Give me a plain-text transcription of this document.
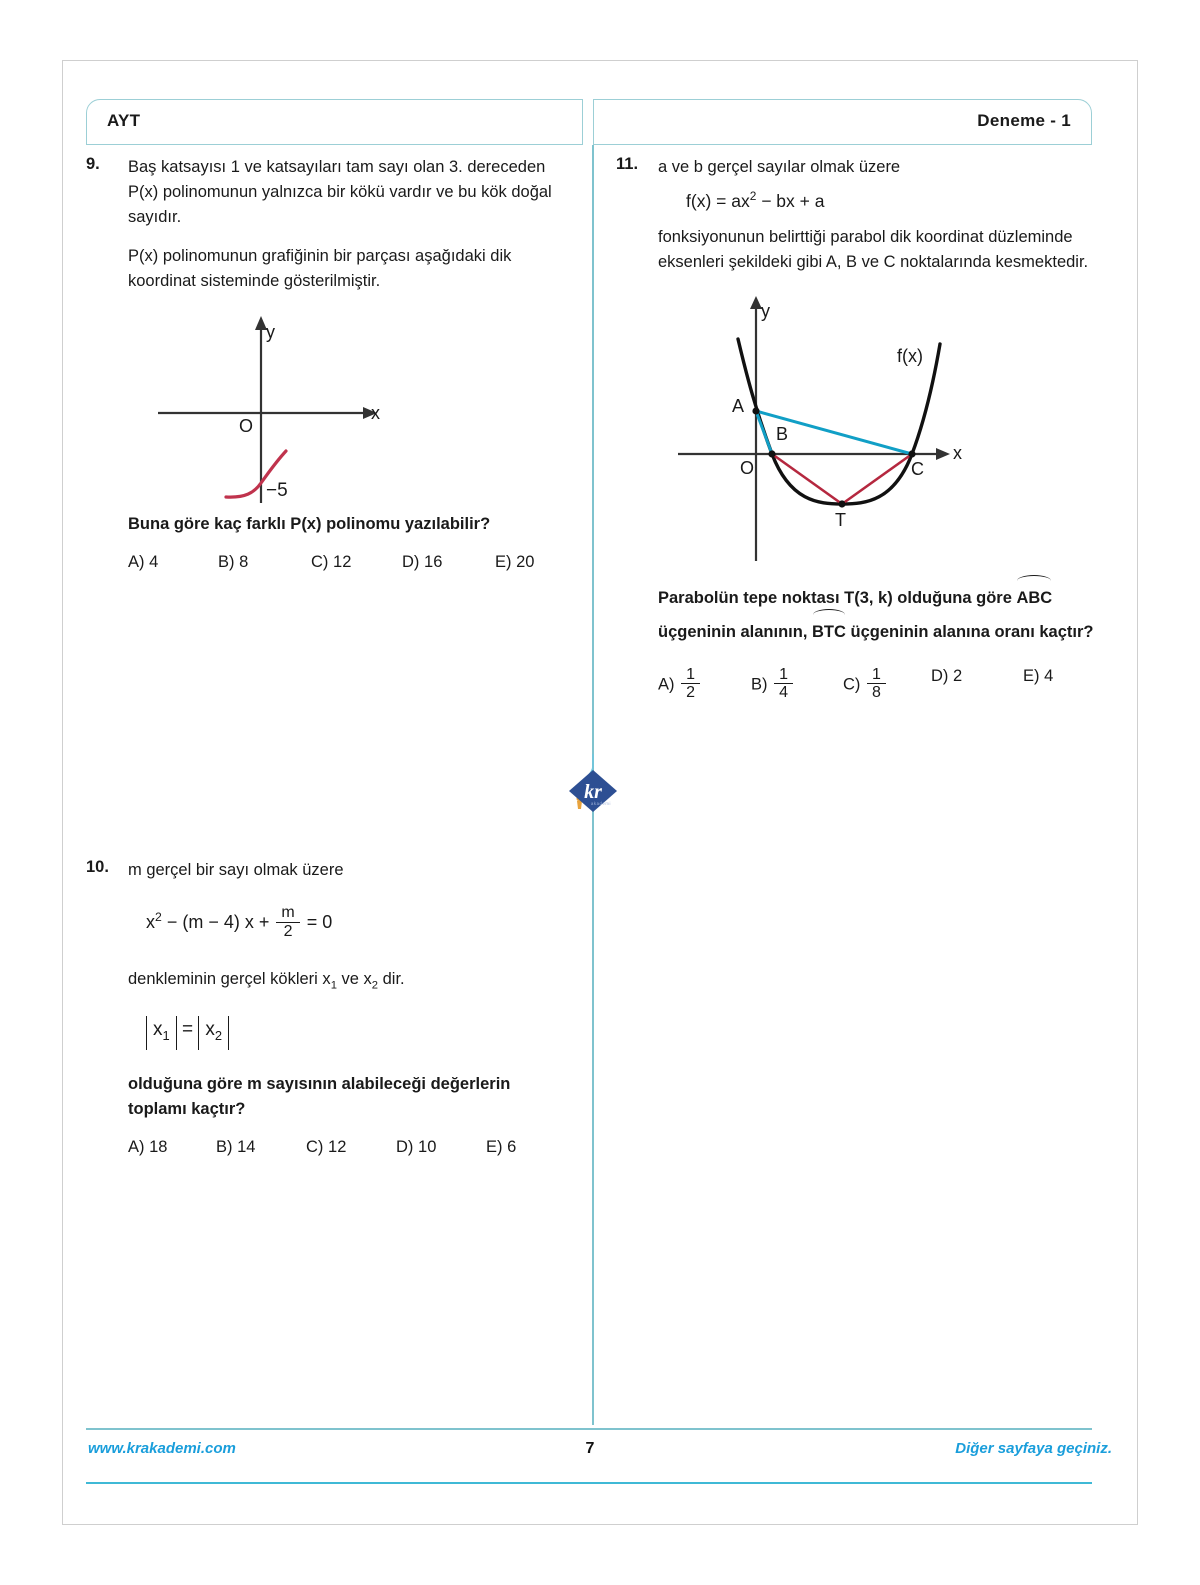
AYT	Deneme - 1
9.	Baş katsayısı 1 ve katsayıları tam sayı olan 3. dereceden P(x) polinomunun yalnızca bir kökü vardır ve bu kök doğal sayıdır.

P(x) polinomunun grafiğinin bir parçası aşağıdaki dik koordinat sisteminde gösterilmiştir.

y
x
O
−5

Buna göre kaç farklı P(x) polinomu yazılabilir?

A) 4	B) 8	C) 12	D) 16	E) 20
10.	m gerçel bir sayı olmak üzere

$x^2 - (m - 4) x + \frac{m}{2} = 0$

denkleminin gerçel kökleri $x_1$ ve $x_2$ dir.

$x_1 = x_2$

olduğuna göre m sayısının alabileceği değerlerin toplamı kaçtır?

A) 18	B) 14	C) 12	D) 10	E) 6
11.	a ve b gerçel sayılar olmak üzere

$f(x) = ax^2$ − bx + a

fonksiyonunun belirttiği parabol dik koordinat düzleminde eksenleri şekildeki gibi A, B ve C noktalarında kesmektedir.

y
x
O
f(x)
A
B
C
T

Parabolün tepe noktası T(3, k) olduğuna göre
ABC üçgeninin alanının,
BTC üçgeninin alanına oranı kaçtır?

$A) \frac{1}{2}$	$B) \frac{1}{4}$	$C) \frac{1}{8}$	D) 2	E) 4
kr
akademi
www.krakademi.com	7	Diğer sayfaya geçiniz.
